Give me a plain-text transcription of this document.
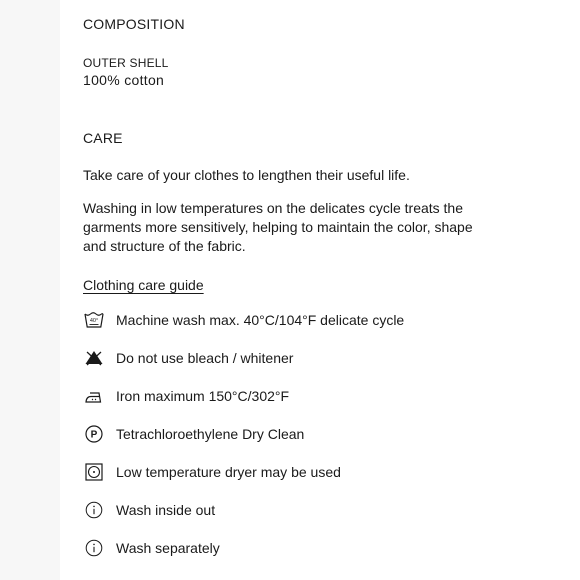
COMPOSITION
OUTER SHELL
100% cotton
CARE
Take care of your clothes to lengthen their useful life.
Washing in low temperatures on the delicates cycle treats the garments more sensitively, helping to maintain the color, shape and structure of the fabric.
Clothing care guide
40° Machine wash max. 40°C/104°F delicate cycle
Do not use bleach / whitener
Iron maximum 150°C/302°F
P Tetrachloroethylene Dry Clean
Low temperature dryer may be used
Wash inside out
Wash separately
